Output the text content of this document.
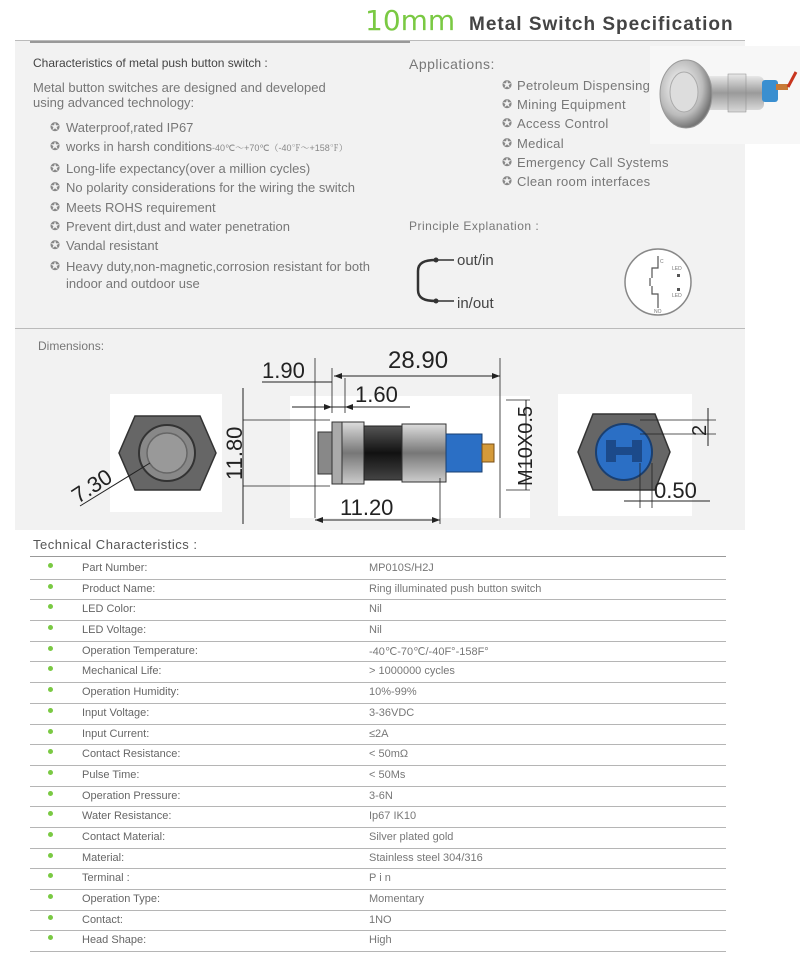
10mm Metal Switch Specification
Characteristics of metal push button switch :
Metal button switches are designed and developed using advanced technology:
✪ Waterproof,rated IP67
✪ works in harsh conditions-40℃～+70℃（-40℉～+158℉）
✪ Long-life expectancy(over a million cycles)
✪ No polarity considerations for the wiring the switch
✪ Meets ROHS requirement
✪ Prevent dirt,dust and water penetration
✪ Vandal resistant
✪ Heavy duty,non-magnetic,corrosion resistant for both indoor and outdoor use
Applications:
✪ Petroleum Dispensing
✪ Mining Equipment
✪ Access Control
✪ Medical
✪ Emergency Call Systems
✪ Clean room interfaces
Principle Explanation :
out/in
in/out
LED
LED
C
NO
Dimensions:
7.30
11.80
28.90
1.90
1.60
11.20
M10X0.5	2
0.50
Technical Characteristics :
Part Number:	MP010S/H2J
Product Name:	Ring illuminated push button switch
LED Color:	Nil
LED Voltage:	Nil
Operation Temperature:	-40℃-70℃/-40F°-158F°
Mechanical Life:	> 1000000 cycles
Operation Humidity:	10%-99%
Input Voltage:	3-36VDC
Input Current:	≤2A
Contact Resistance:	< 50mΩ
Pulse Time:	< 50Ms
Operation Pressure:	3-6N
Water Resistance:	Ip67 IK10
Contact Material:	Silver plated gold
Material:	Stainless steel 304/316
Terminal :	P i n
Operation Type:	Momentary
Contact:	1NO
Head Shape:	High
